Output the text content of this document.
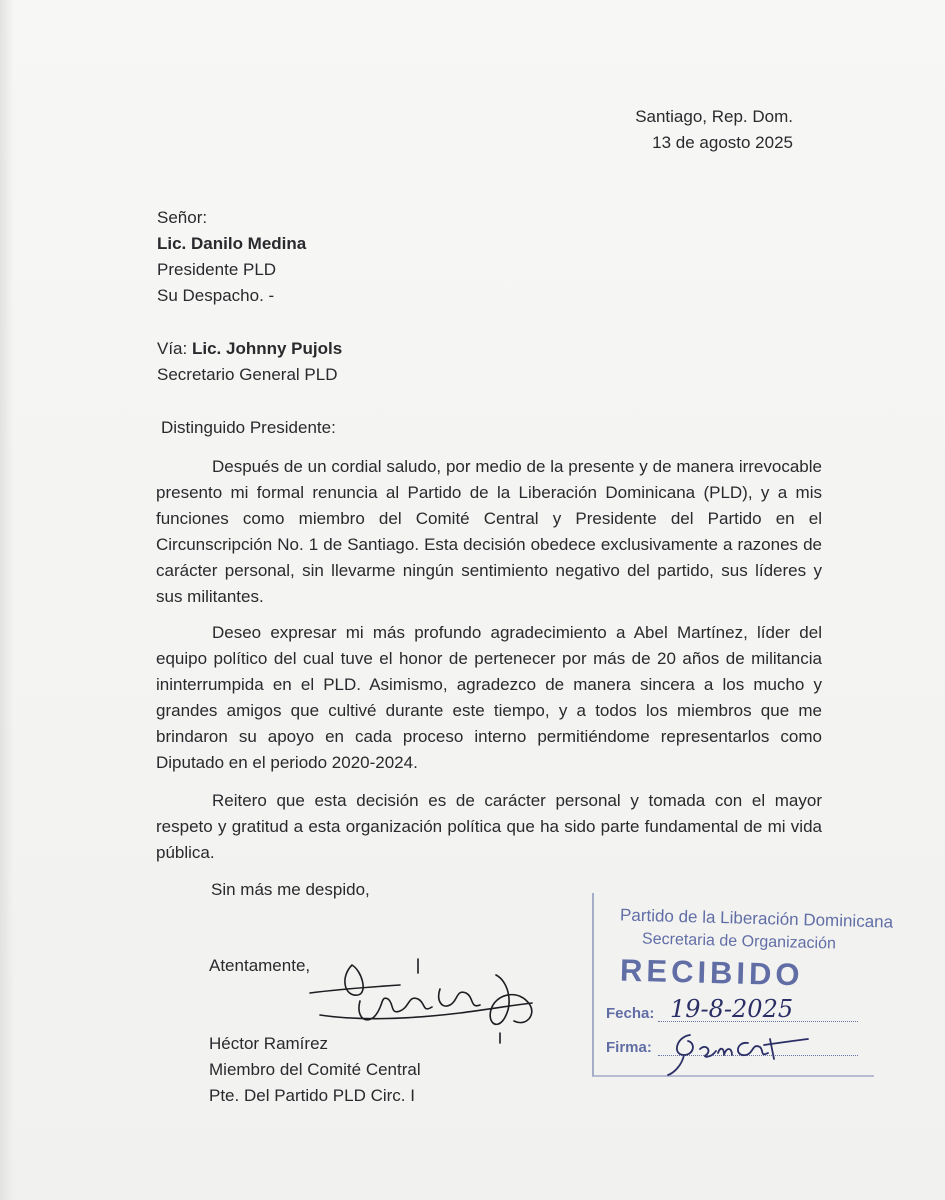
Santiago, Rep. Dom.
13 de agosto 2025
Señor:
Lic. Danilo Medina
Presidente PLD
Su Despacho. -
Vía: Lic. Johnny Pujols
Secretario General PLD
Distinguido Presidente:

Después de un cordial saludo, por medio de la presente y de manera irrevocable presento mi formal renuncia al Partido de la Liberación Dominicana (PLD), y a mis funciones como miembro del Comité Central y Presidente del Partido en el Circunscripción No. 1 de Santiago. Esta decisión obedece exclusivamente a razones de carácter personal, sin llevarme ningún sentimiento negativo del partido, sus líderes y sus militantes.

Deseo expresar mi más profundo agradecimiento a Abel Martínez, líder del equipo político del cual tuve el honor de pertenecer por más de 20 años de militancia ininterrumpida en el PLD. Asimismo, agradezco de manera sincera a los mucho y grandes amigos que cultivé durante este tiempo, y a todos los miembros que me brindaron su apoyo en cada proceso interno permitiéndome representarlos como Diputado en el periodo 2020-2024.

Reitero que esta decisión es de carácter personal y tomada con el mayor respeto y gratitud a esta organización política que ha sido parte fundamental de mi vida pública.

Sin más me despido,
Atentamente,
Héctor Ramírez
Miembro del Comité Central
Pte. Del Partido PLD Circ. I
Partido de la Liberación Dominicana
Secretaria de Organización
RECIBIDO
Fecha: 19-8-2025
Firma:
